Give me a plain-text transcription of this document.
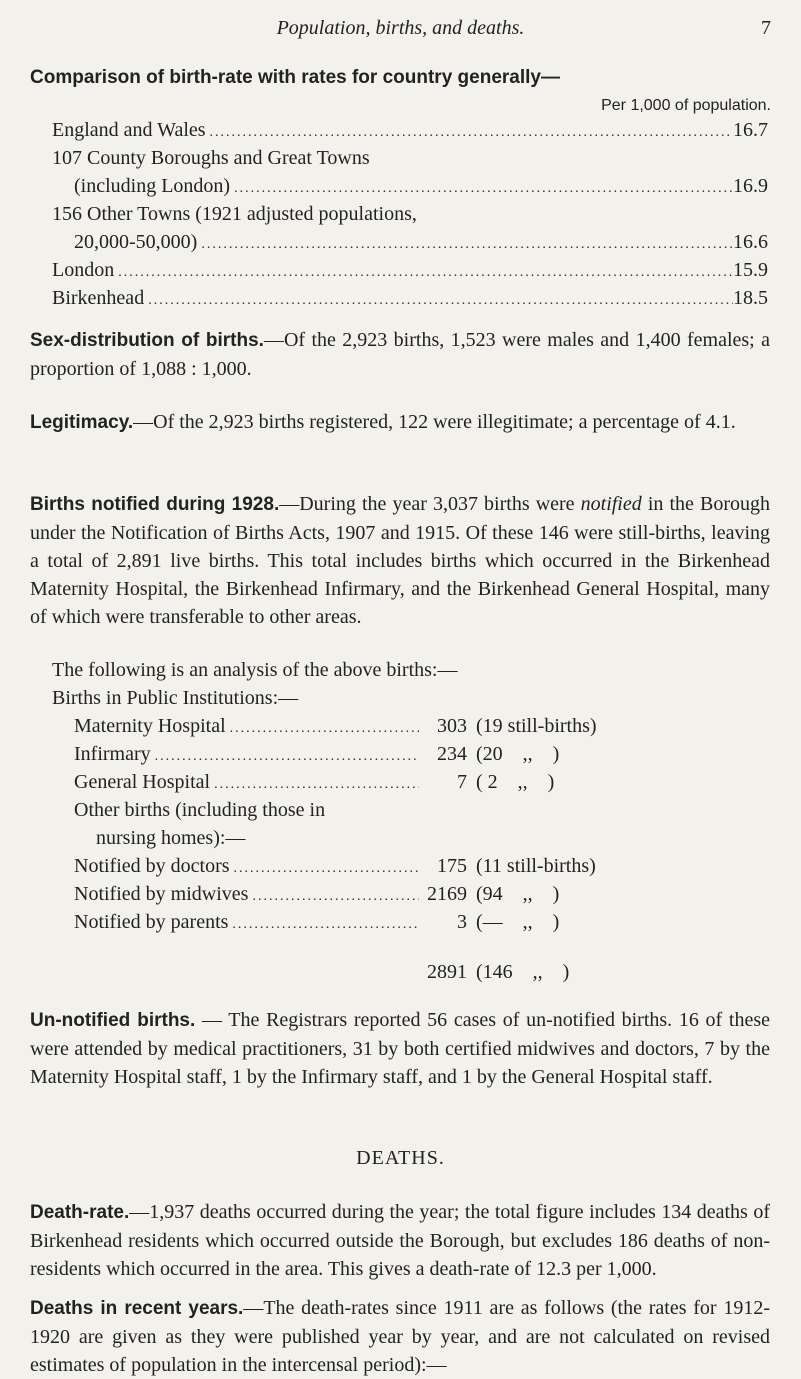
Population, births, and deaths.	7
Comparison of birth-rate with rates for country generally—
Per 1,000 of population.
England and Wales .....	16.7
107 County Boroughs and Great Towns
(including London) .....	16.9
156 Other Towns (1921 adjusted populations,
20,000-50,000) .....	16.6
London .....	15.9
Birkenhead .....	18.5

Sex-distribution of births.—Of the 2,923 births, 1,523 were males and 1,400 females; a proportion of 1,088 : 1,000.

Legitimacy.—Of the 2,923 births registered, 122 were illegitimate; a percentage of 4.1.

Births notified during 1928.—During the year 3,037 births were notified in the Borough under the Notification of Births Acts, 1907 and 1915. Of these 146 were still-births, leaving a total of 2,891 live births. This total includes births which occurred in the Birkenhead Maternity Hospital, the Birkenhead Infirmary, and the Birkenhead General Hospital, many of which were transferable to other areas.

The following is an analysis of the above births:—
Births in Public Institutions:—
Maternity Hospital .....	303 (19 still-births)
Infirmary .....	234 (20    ,,    )
General Hospital .....	7 ( 2    ,,    )
Other births (including those in
nursing homes):—
Notified by doctors .....	175 (11 still-births)
Notified by midwives .....	2169 (94    ,,    )
Notified by parents .....	3 (—    ,,    )
2891 (146    ,,    )

Un-notified births. — The Registrars reported 56 cases of un-notified births. 16 of these were attended by medical practitioners, 31 by both certified midwives and doctors, 7 by the Maternity Hospital staff, 1 by the Infirmary staff, and 1 by the General Hospital staff.

DEATHS.

Death-rate.—1,937 deaths occurred during the year; the total figure includes 134 deaths of Birkenhead residents which occurred outside the Borough, but excludes 186 deaths of non-residents which occurred in the area. This gives a death-rate of 12.3 per 1,000.

Deaths in recent years.—The death-rates since 1911 are as follows (the rates for 1912-1920 are given as they were published year by year, and are not calculated on revised estimates of population in the intercensal period):—
